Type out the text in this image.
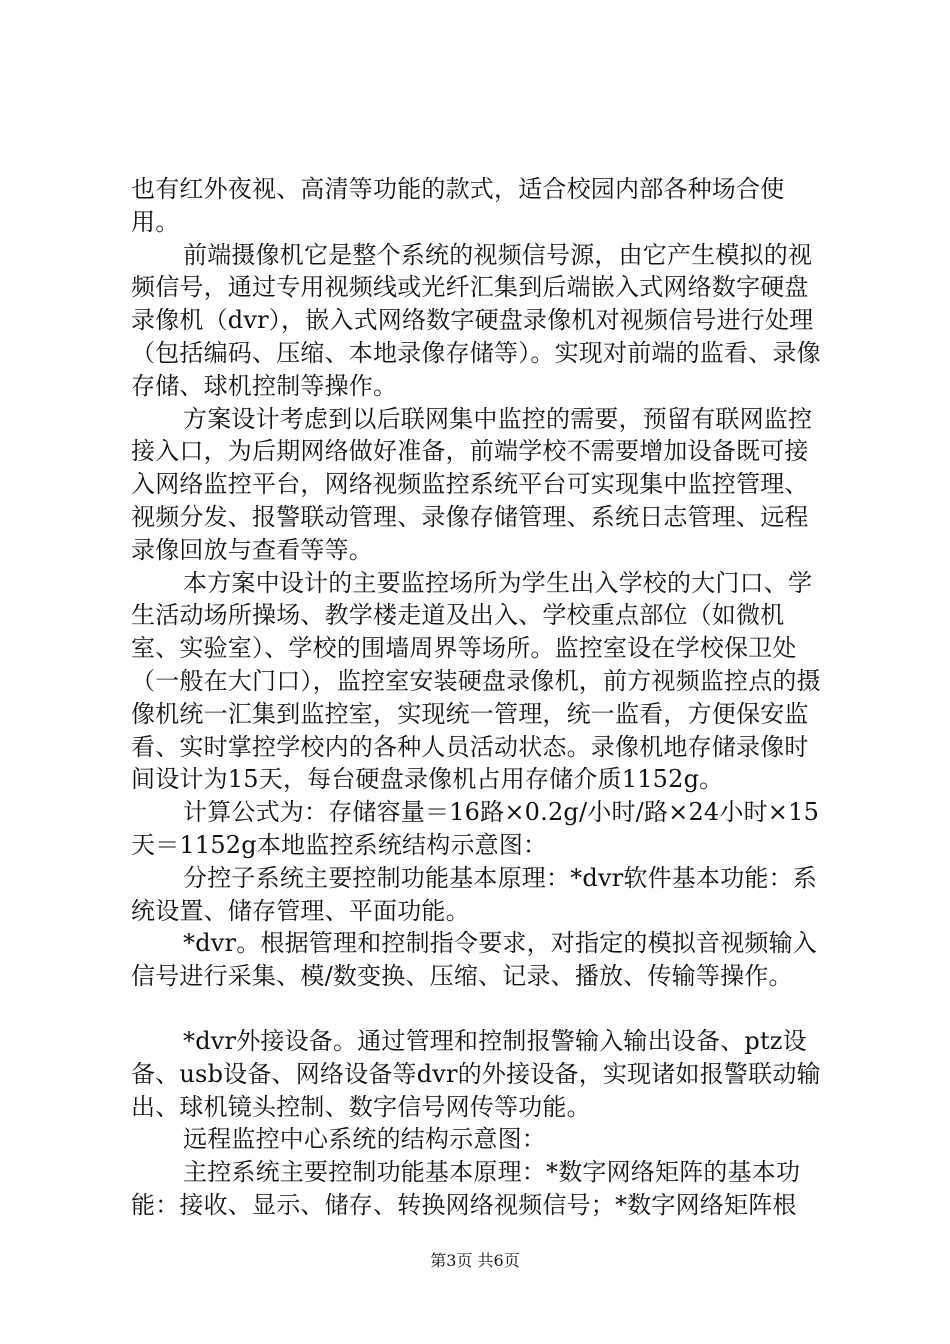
也有红外夜视、高清等功能的款式，适合校园内部各种场合使用。

前端摄像机它是整个系统的视频信号源，由它产生模拟的视频信号，通过专用视频线或光纤汇集到后端嵌入式网络数字硬盘录像机（dvr），嵌入式网络数字硬盘录像机对视频信号进行处理（包括编码、压缩、本地录像存储等）。实现对前端的监看、录像存储、球机控制等操作。

方案设计考虑到以后联网集中监控的需要，预留有联网监控接入口，为后期网络做好准备，前端学校不需要增加设备既可接入网络监控平台，网络视频监控系统平台可实现集中监控管理、视频分发、报警联动管理、录像存储管理、系统日志管理、远程录像回放与查看等等。

本方案中设计的主要监控场所为学生出入学校的大门口、学生活动场所操场、教学楼走道及出入、学校重点部位（如微机室、实验室）、学校的围墙周界等场所。监控室设在学校保卫处（一般在大门口），监控室安装硬盘录像机，前方视频监控点的摄像机统一汇集到监控室，实现统一管理，统一监看，方便保安监看、实时掌控学校内的各种人员活动状态。录像机地存储录像时间设计为15天，每台硬盘录像机占用存储介质1152g。

计算公式为：存储容量＝16路×0.2g/小时/路×24小时×15天＝1152g本地监控系统结构示意图：

分控子系统主要控制功能基本原理：*dvr软件基本功能：系统设置、储存管理、平面功能。

*dvr。根据管理和控制指令要求，对指定的模拟音视频输入信号进行采集、模/数变换、压缩、记录、播放、传输等操作。

*dvr外接设备。通过管理和控制报警输入输出设备、ptz设备、usb设备、网络设备等dvr的外接设备，实现诸如报警联动输出、球机镜头控制、数字信号网传等功能。

远程监控中心系统的结构示意图：

主控系统主要控制功能基本原理：*数字网络矩阵的基本功能：接收、显示、储存、转换网络视频信号；*数字网络矩阵根

第3页 共6页
